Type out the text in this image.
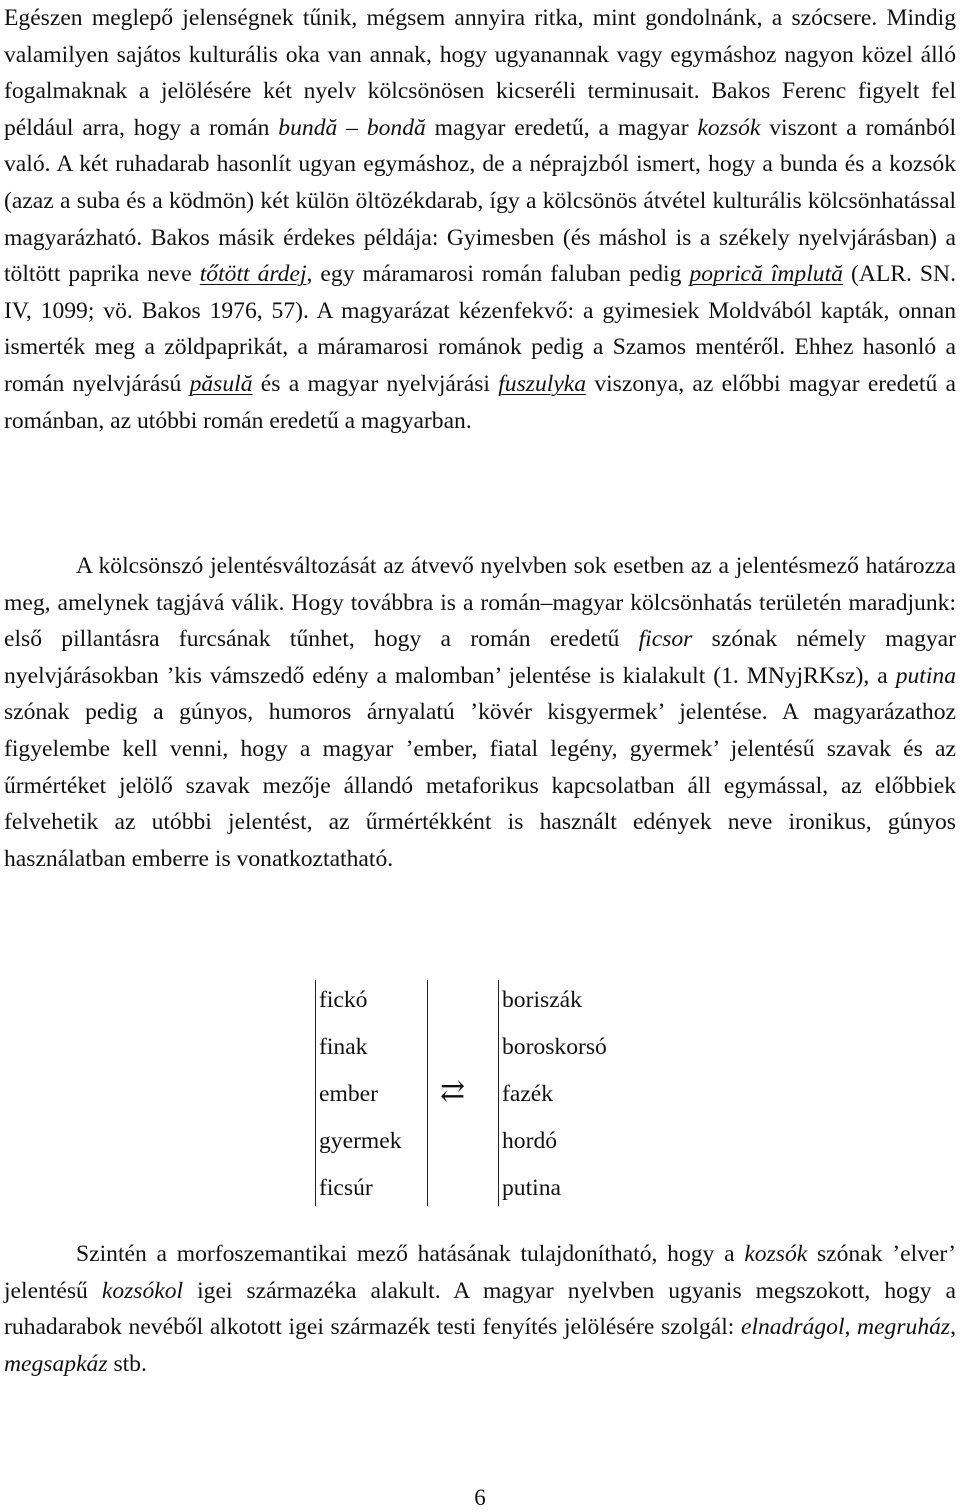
Egészen meglepő jelenségnek tűnik, mégsem annyira ritka, mint gondolnánk, a szócsere. Mindig valamilyen sajátos kulturális oka van annak, hogy ugyanannak vagy egymáshoz nagyon közel álló fogalmaknak a jelölésére két nyelv kölcsönösen kicseréli terminusait. Bakos Ferenc figyelt fel például arra, hogy a román bundă – bondă magyar eredetű, a magyar kozsók viszont a románból való. A két ruhadarab hasonlít ugyan egymáshoz, de a néprajzból ismert, hogy a bunda és a kozsók (azaz a suba és a ködmön) két külön öltözékdarab, így a kölcsönös átvétel kulturális kölcsönhatással magyarázható. Bakos másik érdekes példája: Gyimesben (és máshol is a székely nyelvjárásban) a töltött paprika neve tőtött árdej, egy máramarosi román faluban pedig poprică împlută (ALR. SN. IV, 1099; vö. Bakos 1976, 57). A magyarázat kézenfekvő: a gyimesiek Moldvából kapták, onnan ismerték meg a zöldpaprikát, a máramarosi románok pedig a Szamos mentéről. Ehhez hasonló a román nyelvjárású păsulă és a magyar nyelvjárási fuszulyka viszonya, az előbbi magyar eredetű a románban, az utóbbi román eredetű a magyarban.

A kölcsönszó jelentésváltozását az átvevő nyelvben sok esetben az a jelentésmező határozza meg, amelynek tagjává válik. Hogy továbbra is a román–magyar kölcsönhatás területén maradjunk: első pillantásra furcsának tűnhet, hogy a román eredetű ficsor szónak némely magyar nyelvjárásokban ’kis vámszedő edény a malomban’ jelentése is kialakult (1. MNyjRKsz), a putina szónak pedig a gúnyos, humoros árnyalatú ’kövér kisgyermek’ jelentése. A magyarázathoz figyelembe kell venni, hogy a magyar ’ember, fiatal legény, gyermek’ jelentésű szavak és az űrmértéket jelölő szavak mezője állandó metaforikus kapcsolatban áll egymással, az előbbiek felvehetik az utóbbi jelentést, az űrmértékként is használt edények neve ironikus, gúnyos használatban emberre is vonatkoztatható.

fickó
finak
ember
gyermek
ficsúr
⇄
boriszák
boroskorsó
fazék
hordó
putina

Szintén a morfoszemantikai mező hatásának tulajdonítható, hogy a kozsók szónak ’elver’ jelentésű kozsókol igei származéka alakult. A magyar nyelvben ugyanis megszokott, hogy a ruhadarabok nevéből alkotott igei származék testi fenyítés jelölésére szolgál: elnadrágol, megruház, megsapkáz stb.

6
